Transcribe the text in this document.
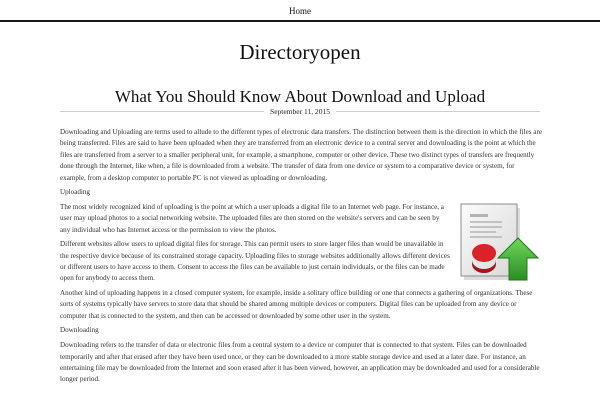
Home
Directoryopen
What You Should Know About Download and Upload
September 11, 2015

Downloading and Uploading are terms used to allude to the different types of electronic data transfers. The distinction between them is the direction in which the files are being transferred. Files are said to have been uploaded when they are transferred from an electronic device to a central server and downloading is the point at which the files are transferred from a server to a smaller peripheral unit, for example, a smartphone, computer or other device. These two distinct types of transfers are frequently done through the Internet, like when, a file is downloaded from a website. The transfer of data from one device or system to a comparative device or system, for example, from a desktop computer to portable PC is not viewed as uploading or downloading.

Uploading

The most widely recognized kind of uploading is the point at which a user uploads a digital file to an Internet web page. For instance, a user may upload photos to a social networking website. The uploaded files are then stored on the website's servers and can be seen by any individual who has Internet access or the permission to view the photos.

Different websites allow users to upload digital files for storage. This can permit users to store larger files than would be unavailable in the respective device because of its constrained storage capacity. Uploading files to storage websites additionally allows different devices or different users to have access to them. Consent to access the files can be available to just certain individuals, or the files can be made open for anybody to access them.

Another kind of uploading happens in a closed computer system, for example, inside a solitary office building or one that connects a gathering of organizations. These sorts of systems typically have servers to store data that should be shared among multiple devices or computers. Digital files can be uploaded from any device or computer that is connected to the system, and then can be accessed or downloaded by some other user in the system.

Downloading

Downloading refers to the transfer of data or electronic files from a central system to a device or computer that is connected to that system. Files can be downloaded temporarily and after that erased after they have been used once, or they can be downloaded to a more stable storage device and used at a later date. For instance, an entertaining file may be downloaded from the Internet and soon erased after it has been viewed, however, an application may be downloaded and used for a considerable longer period.
